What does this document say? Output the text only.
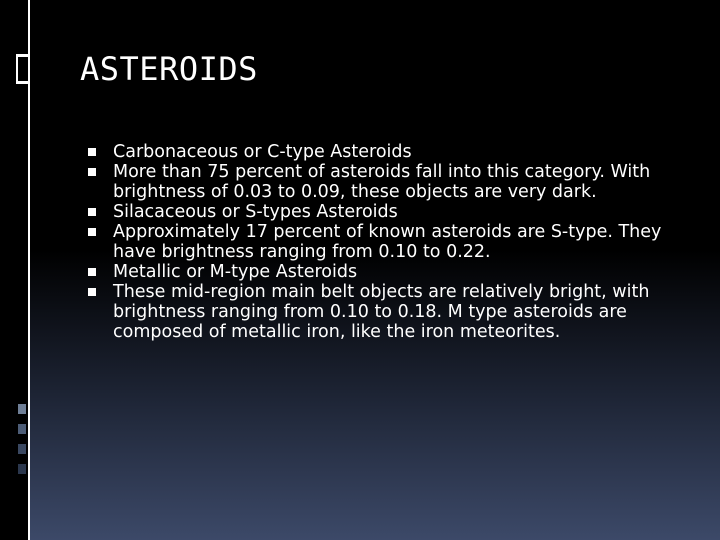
ASTEROIDS
Carbonaceous or C-type Asteroids
More than 75 percent of asteroids fall into this category. With brightness of 0.03 to 0.09, these objects are very dark.
Silacaceous or S-types Asteroids
Approximately 17 percent of known asteroids are S-type. They have brightness ranging from 0.10 to 0.22.
Metallic or M-type Asteroids
These mid-region main belt objects are relatively bright, with brightness ranging from 0.10 to 0.18. M type asteroids are composed of metallic iron, like the iron meteorites.
